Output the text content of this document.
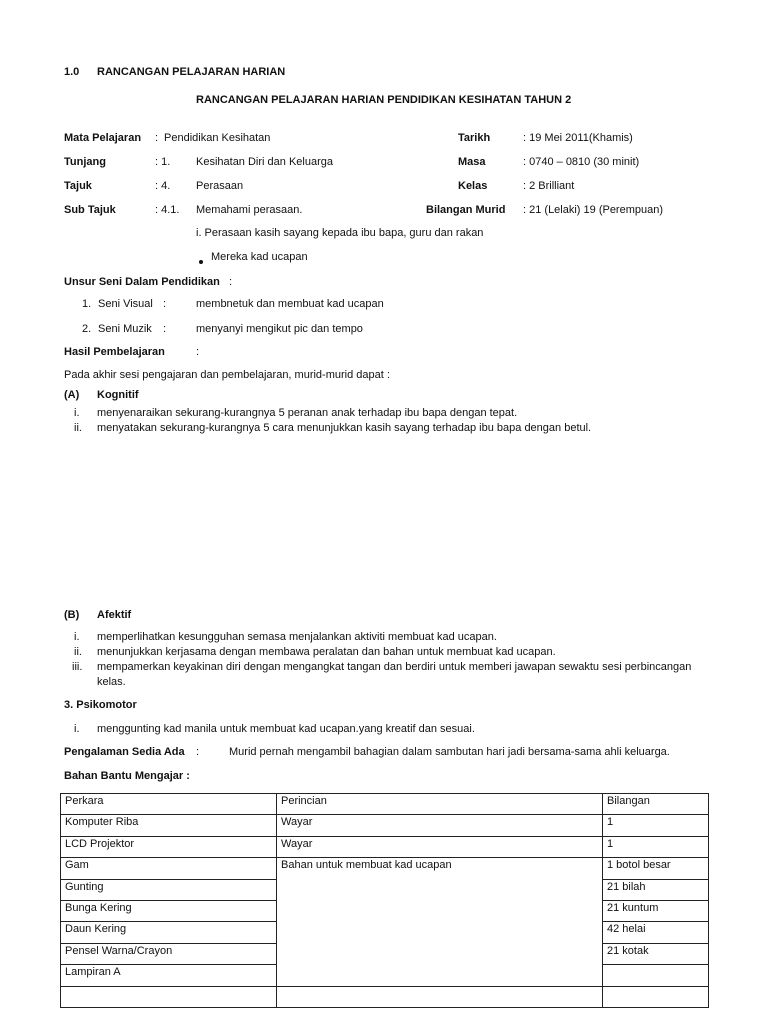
1.0 RANCANGAN PELAJARAN HARIAN
RANCANGAN PELAJARAN HARIAN PENDIDIKAN KESIHATAN TAHUN 2
Mata Pelajaran : Pendidikan Kesihatan
Tunjang	: 1. Kesihatan Diri dan Keluarga
Tajuk	: 4. Perasaan
Sub Tajuk	: 4.1. Memahami perasaan.
Tarikh	: 19 Mei 2011(Khamis)
Masa	: 0740 – 0810 (30 minit)
Kelas	: 2 Brilliant
Bilangan Murid : 21 (Lelaki) 19 (Perempuan)
i. Perasaan kasih sayang kepada ibu bapa, guru dan rakan
Mereka kad ucapan
Unsur Seni Dalam Pendidikan :
1. Seni Visual :	membnetuk dan membuat kad ucapan
2. Seni Muzik :	menyanyi mengikut pic dan tempo
Hasil Pembelajaran	:
Pada akhir sesi pengajaran dan pembelajaran, murid-murid dapat :
(A) Kognitif
i. menyenaraikan sekurang-kurangnya 5 peranan anak terhadap ibu bapa dengan tepat.
ii. menyatakan sekurang-kurangnya 5 cara menunjukkan kasih sayang terhadap ibu bapa dengan betul.
(B) Afektif
i. memperlihatkan kesungguhan semasa menjalankan aktiviti membuat kad ucapan.
ii. menunjukkan kerjasama dengan membawa peralatan dan bahan untuk membuat kad ucapan.
iii. mempamerkan keyakinan diri dengan mengangkat tangan dan berdiri untuk memberi jawapan sewaktu sesi perbincangan
kelas.
3. Psikomotor
i. menggunting kad manila untuk membuat kad ucapan.yang kreatif dan sesuai.
Pengalaman Sedia Ada :	Murid pernah mengambil bahagian dalam sambutan hari jadi bersama-sama ahli keluarga.
Bahan Bantu Mengajar :
Perkara	Perincian	Bilangan
Komputer Riba	Wayar	1
LCD Projektor	Wayar	1
Gam	Bahan untuk membuat kad ucapan	1 botol besar
Gunting		21 bilah
Bunga Kering		21 kuntum
Daun Kering		42 helai
Pensel Warna/Crayon		21 kotak
Lampiran A		
